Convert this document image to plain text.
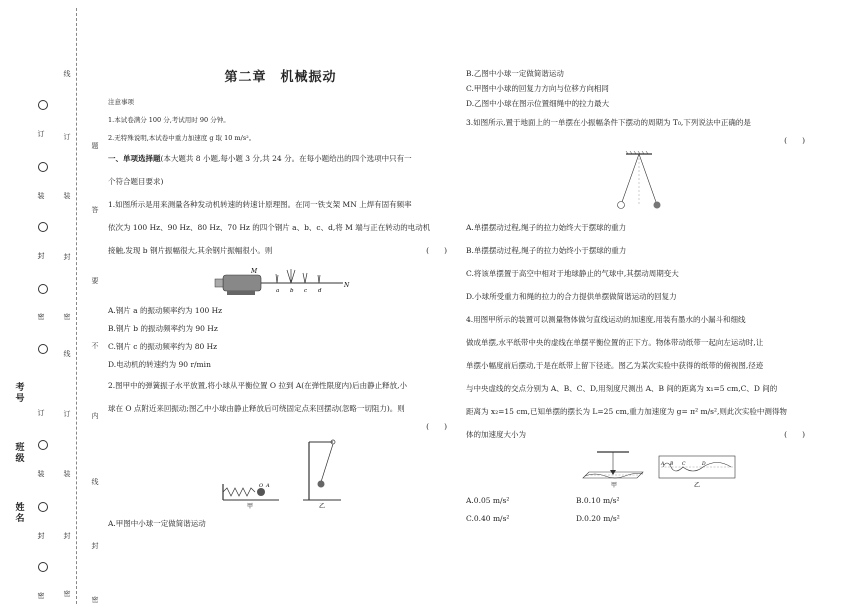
线
订
装
封
密
线
订
装
封
密
订
装
封
密
订
装
封
密
题
答
要
不
内
线
封
密
考号
班级
姓名
第二章　机械振动

注意事项

1.本试卷满分 100 分,考试用时 90 分钟。

2.无特殊说明,本试卷中重力加速度 g 取 10 m/s²。

一、单项选择题(本大题共 8 小题,每小题 3 分,共 24 分。在每小题给出的四个选项中只有一

个符合题目要求)

1.如图所示是用来测量各种发动机转速的转速计原理图。在同一铁支架 MN 上焊有固有频率

依次为 100 Hz、90 Hz、80 Hz、70 Hz 的四个钢片 a、b、c、d,将 M 端与正在转动的电动机

接触,发现 b 钢片振幅很大,其余钢片振幅很小。则	(　　)

M
N
a b c d

A.钢片 a 的振动频率约为 100 Hz

B.钢片 b 的振动频率约为 90 Hz

C.钢片 c 的振动频率约为 80 Hz

D.电动机的转速约为 90 r/min

2.图甲中的弹簧振子水平放置,将小球从平衡位置 O 拉到 A(在弹性限度内)后由静止释放,小

球在 O 点附近来回振动;图乙中小球由静止释放后可绕固定点来回摆动(忽略一切阻力)。则

(　　)

O A
甲	乙

A.甲图中小球一定做简谐运动

B.乙图中小球一定做简谐运动

C.甲图中小球的回复力方向与位移方向相同

D.乙图中小球在图示位置细绳中的拉力最大

3.如图所示,置于地面上的一单摆在小振幅条件下摆动的周期为 T₀,下列说法中正确的是

(　　)

A.单摆摆动过程,绳子的拉力始终大于摆球的重力

B.单摆摆动过程,绳子的拉力始终小于摆球的重力

C.将该单摆置于高空中相对于地球静止的气球中,其摆动周期变大

D.小球所受重力和绳的拉力的合力提供单摆做简谐运动的回复力

4.用图甲所示的装置可以测量物体做匀直线运动的加速度,用装有墨水的小漏斗和细线

做成单摆,水平纸带中央的虚线在单摆平衡位置的正下方。物体带动纸带一起向左运动时,让

单摆小幅度前后摆动,于是在纸带上留下径迹。图乙为某次实验中获得的纸带的俯视图,径迹

与中央虚线的交点分别为 A、B、C、D,用刻度尺测出 A、B 间的距离为 x₁=5 cm,C、D 间的

距离为 x₂=15 cm,已知单摆的摆长为 L=25 cm,重力加速度为 g= π² m/s²,则此次实验中测得物

体的加速度大小为	(　　)

甲
A B C	D
乙
A.0.05 m/s²	B.0.10 m/s²
C.0.40 m/s²	D.0.20 m/s²
